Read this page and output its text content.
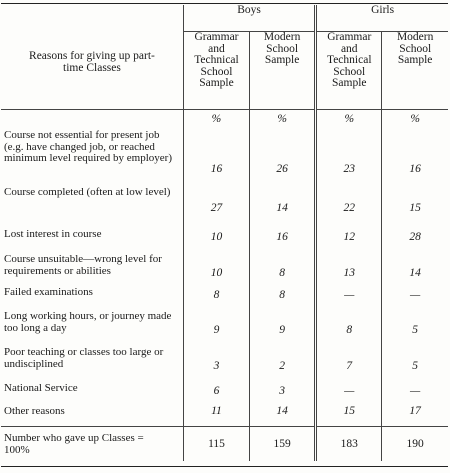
Reasons for giving up part-time Classes	Boys		Girls	
	Grammar and Technical School Sample	Modern School Sample	Grammar and Technical School Sample	Modern School Sample
	%	%	%	%
Course not essential for present job (e.g. have changed job, or reached minimum level required by employer)	16	26	23	16
Course completed (often at low level)	27	14	22	15
Lost interest in course	10	16	12	28
Course unsuitable—wrong level for requirements or abilities	10	8	13	14
Failed examinations	8	8	—	—
Long working hours, or journey made too long a day	9	9	8	5
Poor teaching or classes too large or undisciplined	3	2	7	5
National Service	6	3	—	—
Other reasons	11	14	15	17
Number who gave up Classes = 100%	115	159	183	190
